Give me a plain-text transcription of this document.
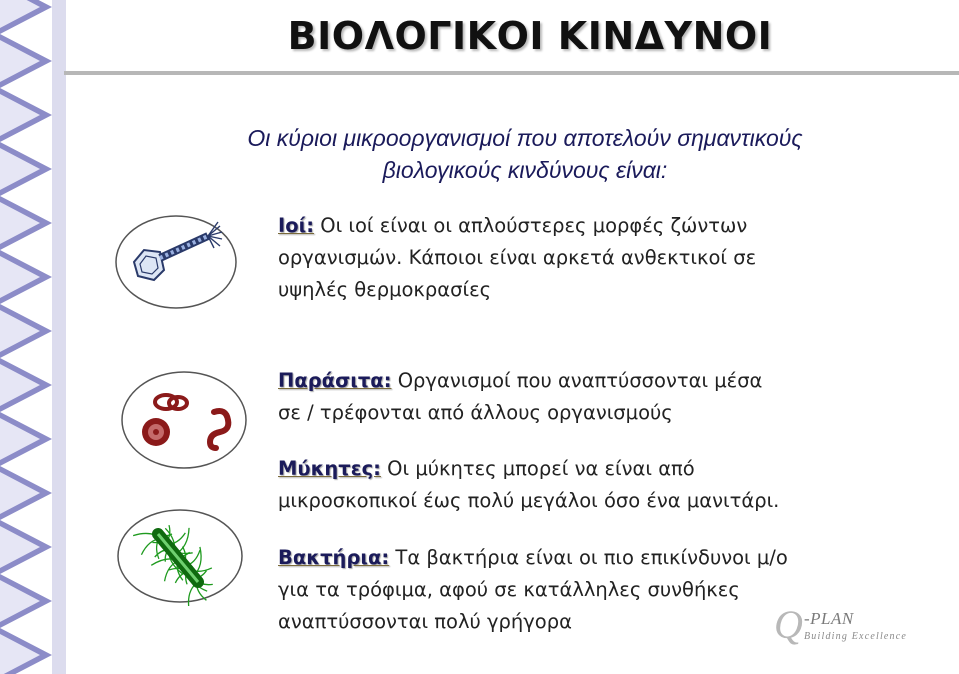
ΒΙΟΛΟΓΙΚΟΙ ΚΙΝΔΥΝΟΙ
Οι κύριοι μικροοργανισμοί που αποτελούν σημαντικούς
βιολογικούς κινδύνους είναι:
Ιοί: Οι ιοί είναι οι απλούστερες μορφές ζώντων
οργανισμών. Κάποιοι είναι αρκετά ανθεκτικοί σε
υψηλές θερμοκρασίες
Παράσιτα: Οργανισμοί που αναπτύσσονται μέσα
σε / τρέφονται από άλλους οργανισμούς
Μύκητες: Οι μύκητες μπορεί να είναι από
μικροσκοπικοί έως πολύ μεγάλοι όσο ένα μανιτάρι.
Βακτήρια: Τα βακτήρια είναι οι πιο επικίνδυνοι μ/ο
για τα τρόφιμα, αφού σε κατάλληλες συνθήκες
αναπτύσσονται πολύ γρήγορα	Q -PLAN
Building Excellence
